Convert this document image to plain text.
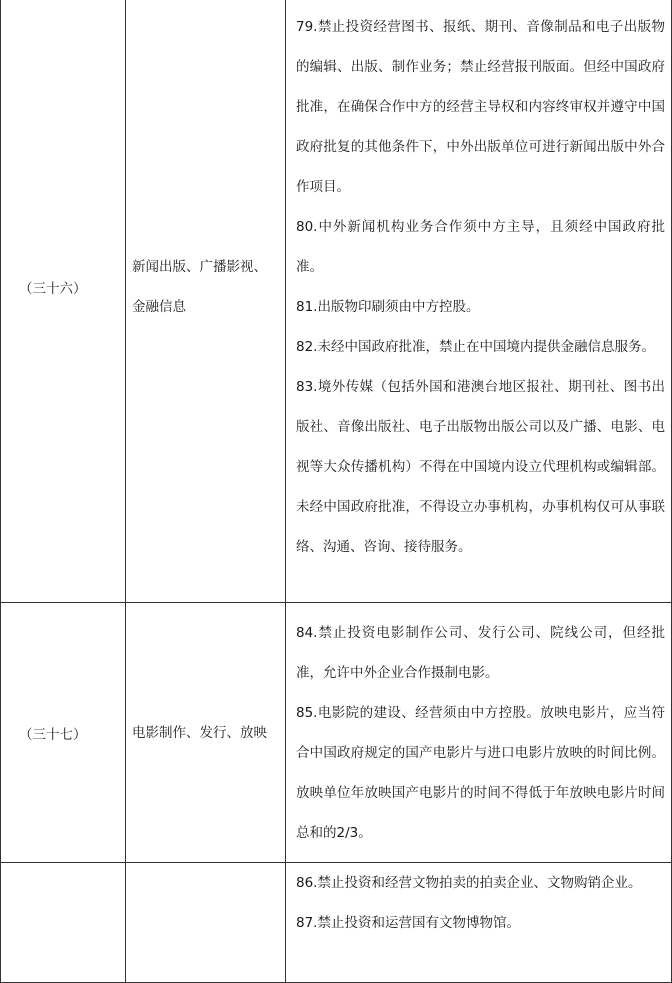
（三十六）	新闻出版、广播影视、金融信息	79.禁止投资经营图书、报纸、期刊、音像制品和电子出版物的编辑、出版、制作业务；禁止经营报刊版面。但经中国政府批准，在确保合作中方的经营主导权和内容终审权并遵守中国政府批复的其他条件下，中外出版单位可进行新闻出版中外合作项目。
80.中外新闻机构业务合作须中方主导，且须经中国政府批准。
81.出版物印刷须由中方控股。
82.未经中国政府批准，禁止在中国境内提供金融信息服务。
83.境外传媒（包括外国和港澳台地区报社、期刊社、图书出版社、音像出版社、电子出版物出版公司以及广播、电影、电视等大众传播机构）不得在中国境内设立代理机构或编辑部。未经中国政府批准，不得设立办事机构，办事机构仅可从事联络、沟通、咨询、接待服务。

（三十七）	电影制作、发行、放映	84.禁止投资电影制作公司、发行公司、院线公司，但经批准，允许中外企业合作摄制电影。
85.电影院的建设、经营须由中方控股。放映电影片，应当符合中国政府规定的国产电影片与进口电影片放映的时间比例。放映单位年放映国产电影片的时间不得低于年放映电影片时间总和的2/3。

		86.禁止投资和经营文物拍卖的拍卖企业、文物购销企业。
87.禁止投资和运营国有文物博物馆。
